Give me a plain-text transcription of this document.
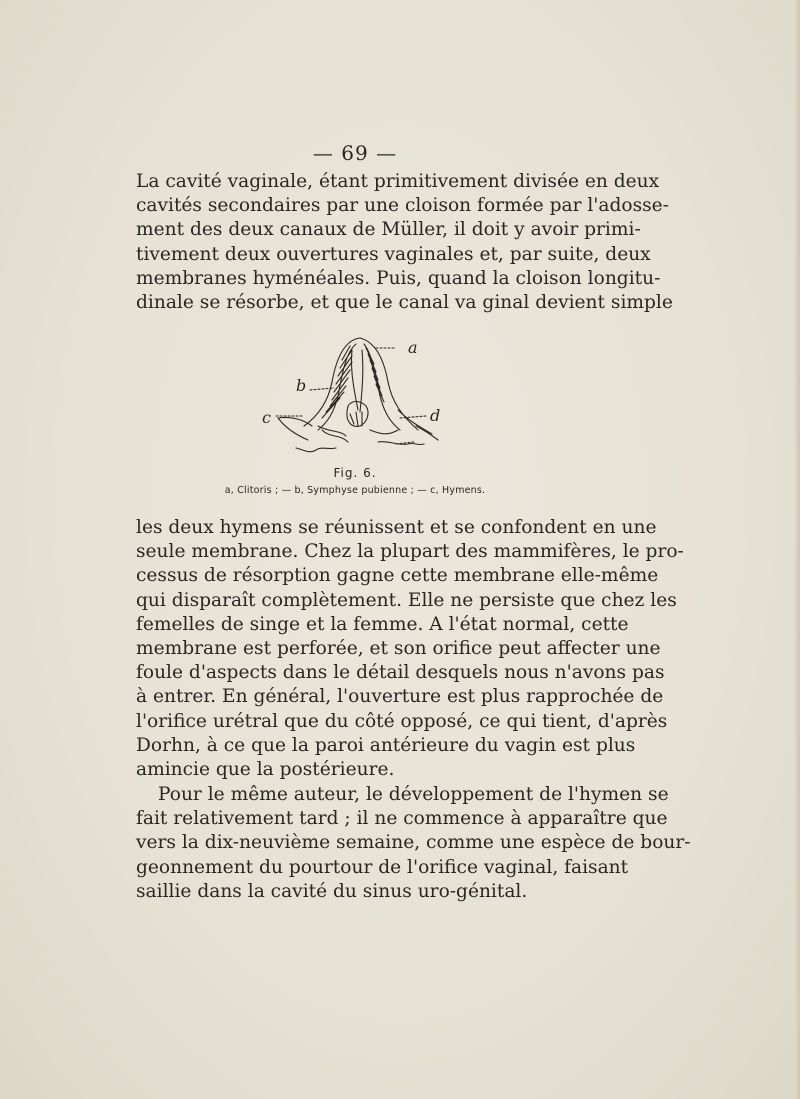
— 69 —

La cavité vaginale, étant primitivement divisée en deux
cavités secondaires par une cloison formée par l'adosse-
ment des deux canaux de Müller, il doit y avoir primi-
tivement deux ouvertures vaginales et, par suite, deux
membranes hyménéales. Puis, quand la cloison longitu-
dinale se résorbe, et que le canal va ginal devient simple

a
b
c	d
Fig. 6.
a, Clitoris ; — b, Symphyse pubienne ; — c, Hymens.

les deux hymens se réunissent et se confondent en une
seule membrane. Chez la plupart des mammifères, le pro-
cessus de résorption gagne cette membrane elle-même
qui disparaît complètement. Elle ne persiste que chez les
femelles de singe et la femme. A l'état normal, cette
membrane est perforée, et son orifice peut affecter une
foule d'aspects dans le détail desquels nous n'avons pas
à entrer. En général, l'ouverture est plus rapprochée de
l'orifice urétral que du côté opposé, ce qui tient, d'après
Dorhn, à ce que la paroi antérieure du vagin est plus
amincie que la postérieure.

Pour le même auteur, le développement de l'hymen se
fait relativement tard ; il ne commence à apparaître que
vers la dix-neuvième semaine, comme une espèce de bour-
geonnement du pourtour de l'orifice vaginal, faisant
saillie dans la cavité du sinus uro-génital.
